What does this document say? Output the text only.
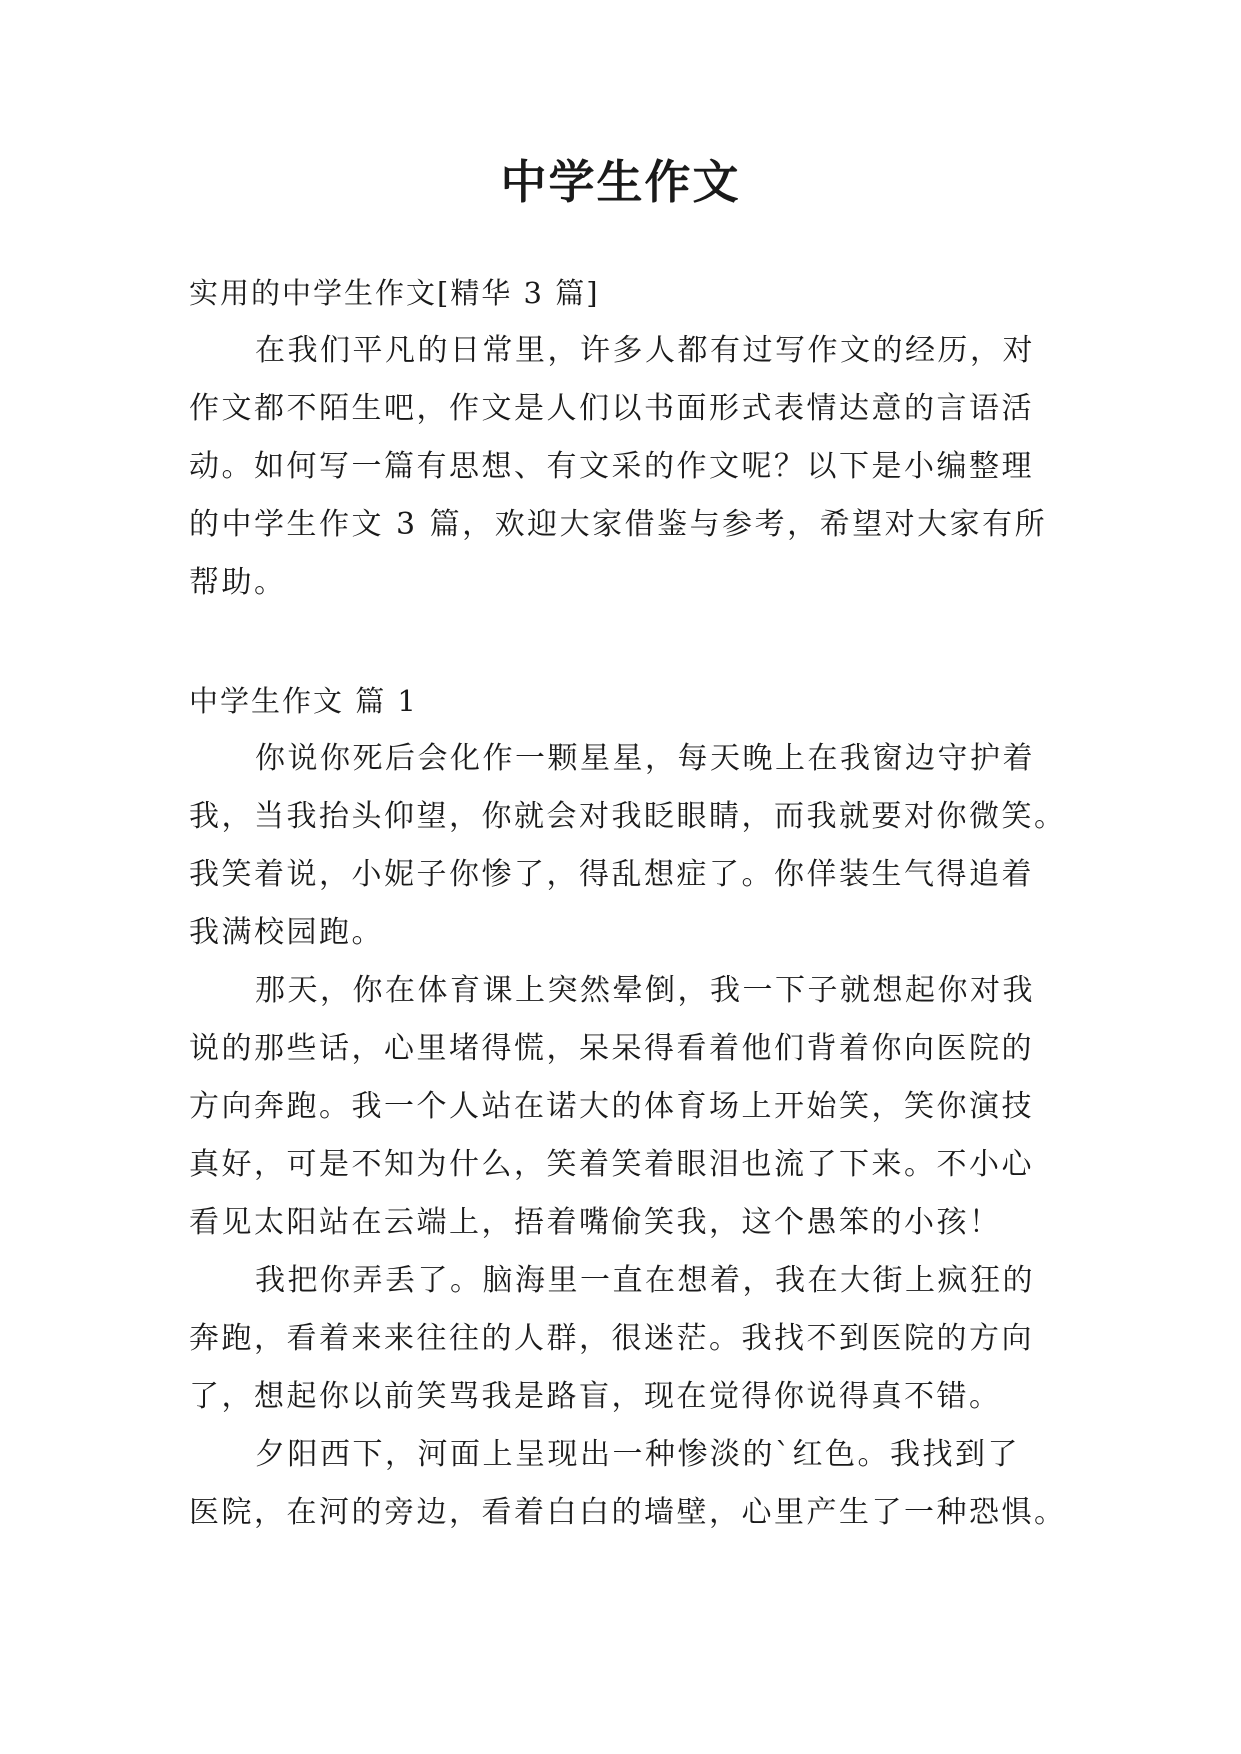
中学生作文
实用的中学生作文[精华 3 篇]
在我们平凡的日常里，许多人都有过写作文的经历，对
作文都不陌生吧，作文是人们以书面形式表情达意的言语活
动。如何写一篇有思想、有文采的作文呢？以下是小编整理
的中学生作文 3 篇，欢迎大家借鉴与参考，希望对大家有所
帮助。
中学生作文 篇 1
你说你死后会化作一颗星星，每天晚上在我窗边守护着
我，当我抬头仰望，你就会对我眨眼睛，而我就要对你微笑。
我笑着说，小妮子你惨了，得乱想症了。你佯装生气得追着
我满校园跑。
那天，你在体育课上突然晕倒，我一下子就想起你对我
说的那些话，心里堵得慌，呆呆得看着他们背着你向医院的
方向奔跑。我一个人站在诺大的体育场上开始笑，笑你演技
真好，可是不知为什么，笑着笑着眼泪也流了下来。不小心
看见太阳站在云端上，捂着嘴偷笑我，这个愚笨的小孩！
我把你弄丢了。脑海里一直在想着，我在大街上疯狂的
奔跑，看着来来往往的人群，很迷茫。我找不到医院的方向
了，想起你以前笑骂我是路盲，现在觉得你说得真不错。
夕阳西下，河面上呈现出一种惨淡的`红色。我找到了
医院，在河的旁边，看着白白的墙壁，心里产生了一种恐惧。
